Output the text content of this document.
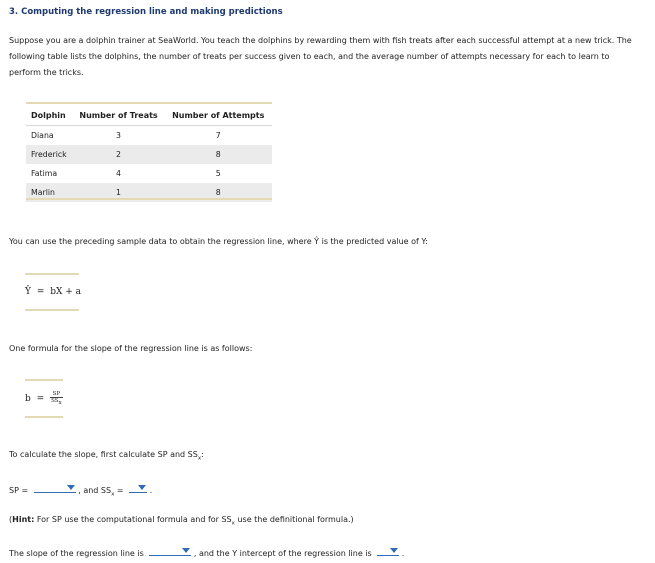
3. Computing the regression line and making predictions
Suppose you are a dolphin trainer at SeaWorld. You teach the dolphins by rewarding them with fish treats after each successful attempt at a new trick. The following table lists the dolphins, the number of treats per success given to each, and the average number of attempts necessary for each to learn to perform the tricks.
Dolphin	Number of Treats	Number of Attempts
Diana	3	7
Frederick	2	8
Fatima	4	5
Marlin	1	8
You can use the preceding sample data to obtain the regression line, where Ŷ is the predicted value of Y:
Ŷ = bX + a
One formula for the slope of the regression line is as follows:
$b = \frac{SP}{SS_x}$
To calculate the slope, first calculate SP and $SS_x$:
SP =	, and $SS_x$ =	.
(Hint: For SP use the computational formula and for $SS_x$ use the definitional formula.)
The slope of the regression line is	, and the Y intercept of the regression line is	.
